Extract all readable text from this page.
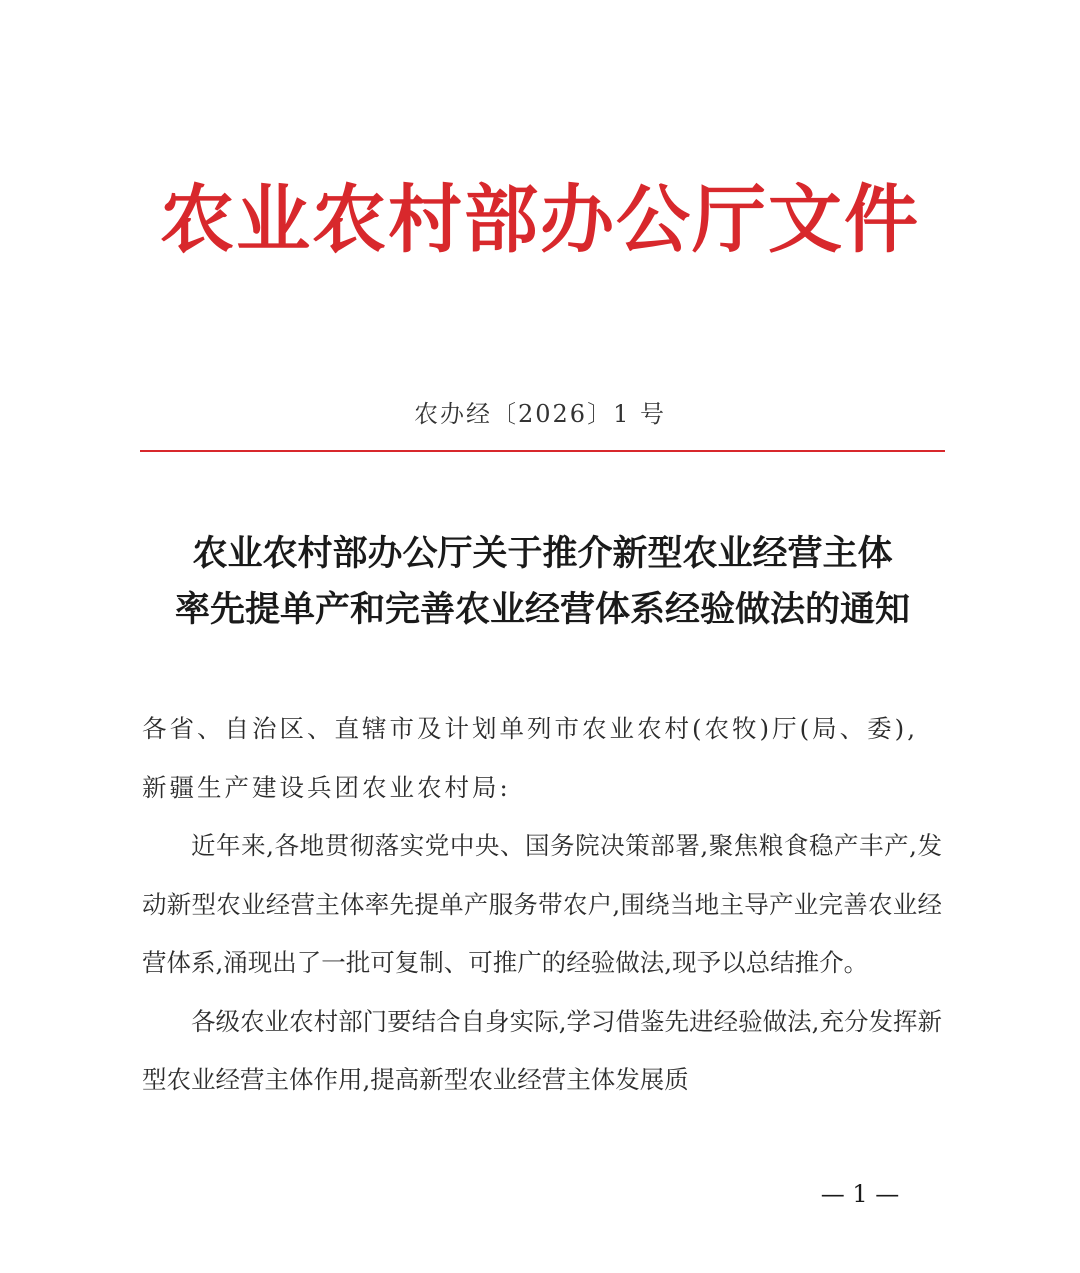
农业农村部办公厅文件
农办经〔2026〕1 号
农业农村部办公厅关于推介新型农业经营主体
率先提单产和完善农业经营体系经验做法的通知

各省、自治区、直辖市及计划单列市农业农村(农牧)厅(局、委),

新疆生产建设兵团农业农村局:

近年来,各地贯彻落实党中央、国务院决策部署,聚焦粮食稳产丰产,发动新型农业经营主体率先提单产服务带农户,围绕当地主导产业完善农业经营体系,涌现出了一批可复制、可推广的经验做法,现予以总结推介。

各级农业农村部门要结合自身实际,学习借鉴先进经验做法,充分发挥新型农业经营主体作用,提高新型农业经营主体发展质

— 1 —
